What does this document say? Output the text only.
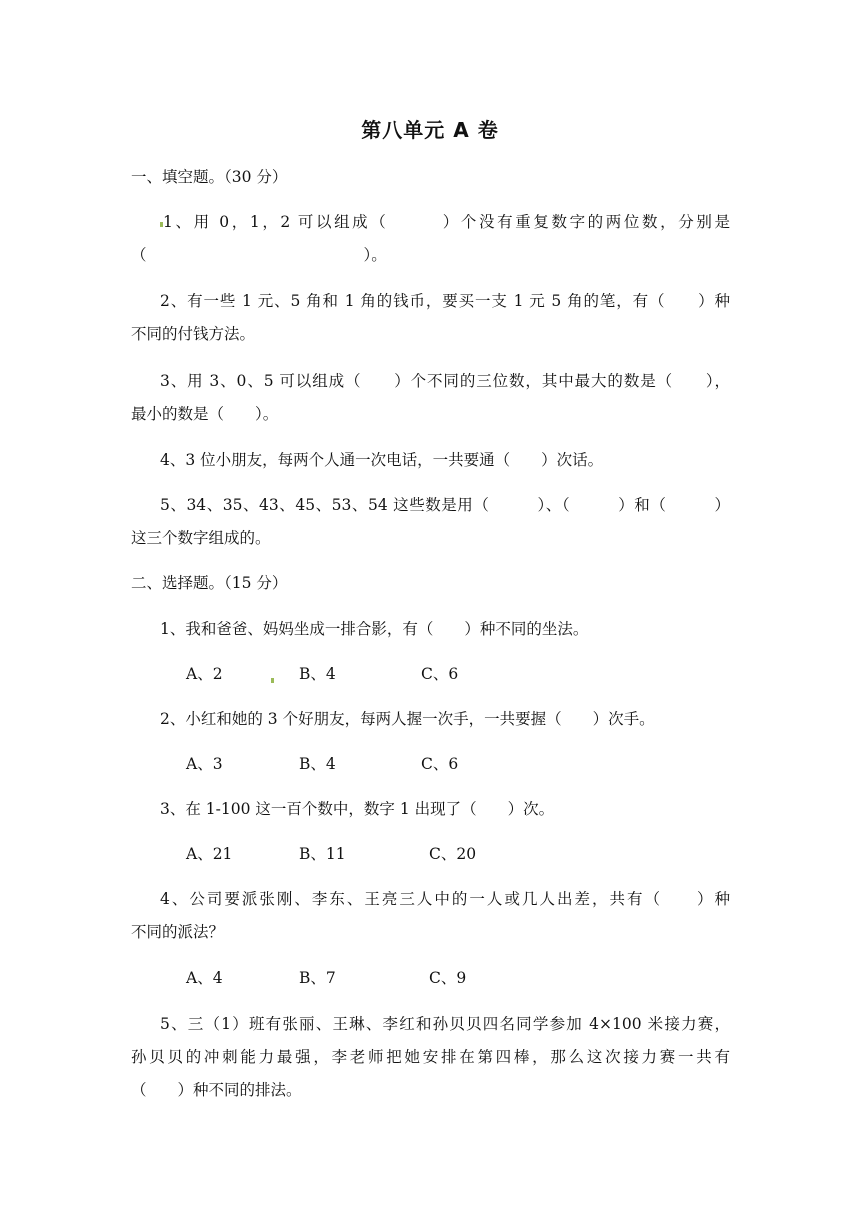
第八单元 A 卷
一、填空题。（30 分）
1、用 0，1，2 可以组成（　　　）个没有重复数字的两位数，分别是
（　　　　　　　　　　　　　　）。
2、有一些 1 元、5 角和 1 角的钱币，要买一支 1 元 5 角的笔，有（　　）种
不同的付钱方法。
3、用 3、0、5 可以组成（　　）个不同的三位数，其中最大的数是（　　），
最小的数是（　　）。
4、3 位小朋友，每两个人通一次电话，一共要通（　　）次话。
5、34、35、43、45、53、54 这些数是用（　　　）、（　　　）和（　　　）
这三个数字组成的。
二、选择题。（15 分）
1、我和爸爸、妈妈坐成一排合影，有（　　）种不同的坐法。
A、2	B、4	C、6
2、小红和她的 3 个好朋友，每两人握一次手，一共要握（　　）次手。
A、3	B、4	C、6
3、在 1-100 这一百个数中，数字 1 出现了（　　）次。
A、21	B、11	C、20
4、公司要派张刚、李东、王亮三人中的一人或几人出差，共有（　　）种
不同的派法？
A、4	B、7	C、9
5、三（1）班有张丽、王琳、李红和孙贝贝四名同学参加 4×100 米接力赛，
孙贝贝的冲刺能力最强，李老师把她安排在第四棒，那么这次接力赛一共有
（　　）种不同的排法。
